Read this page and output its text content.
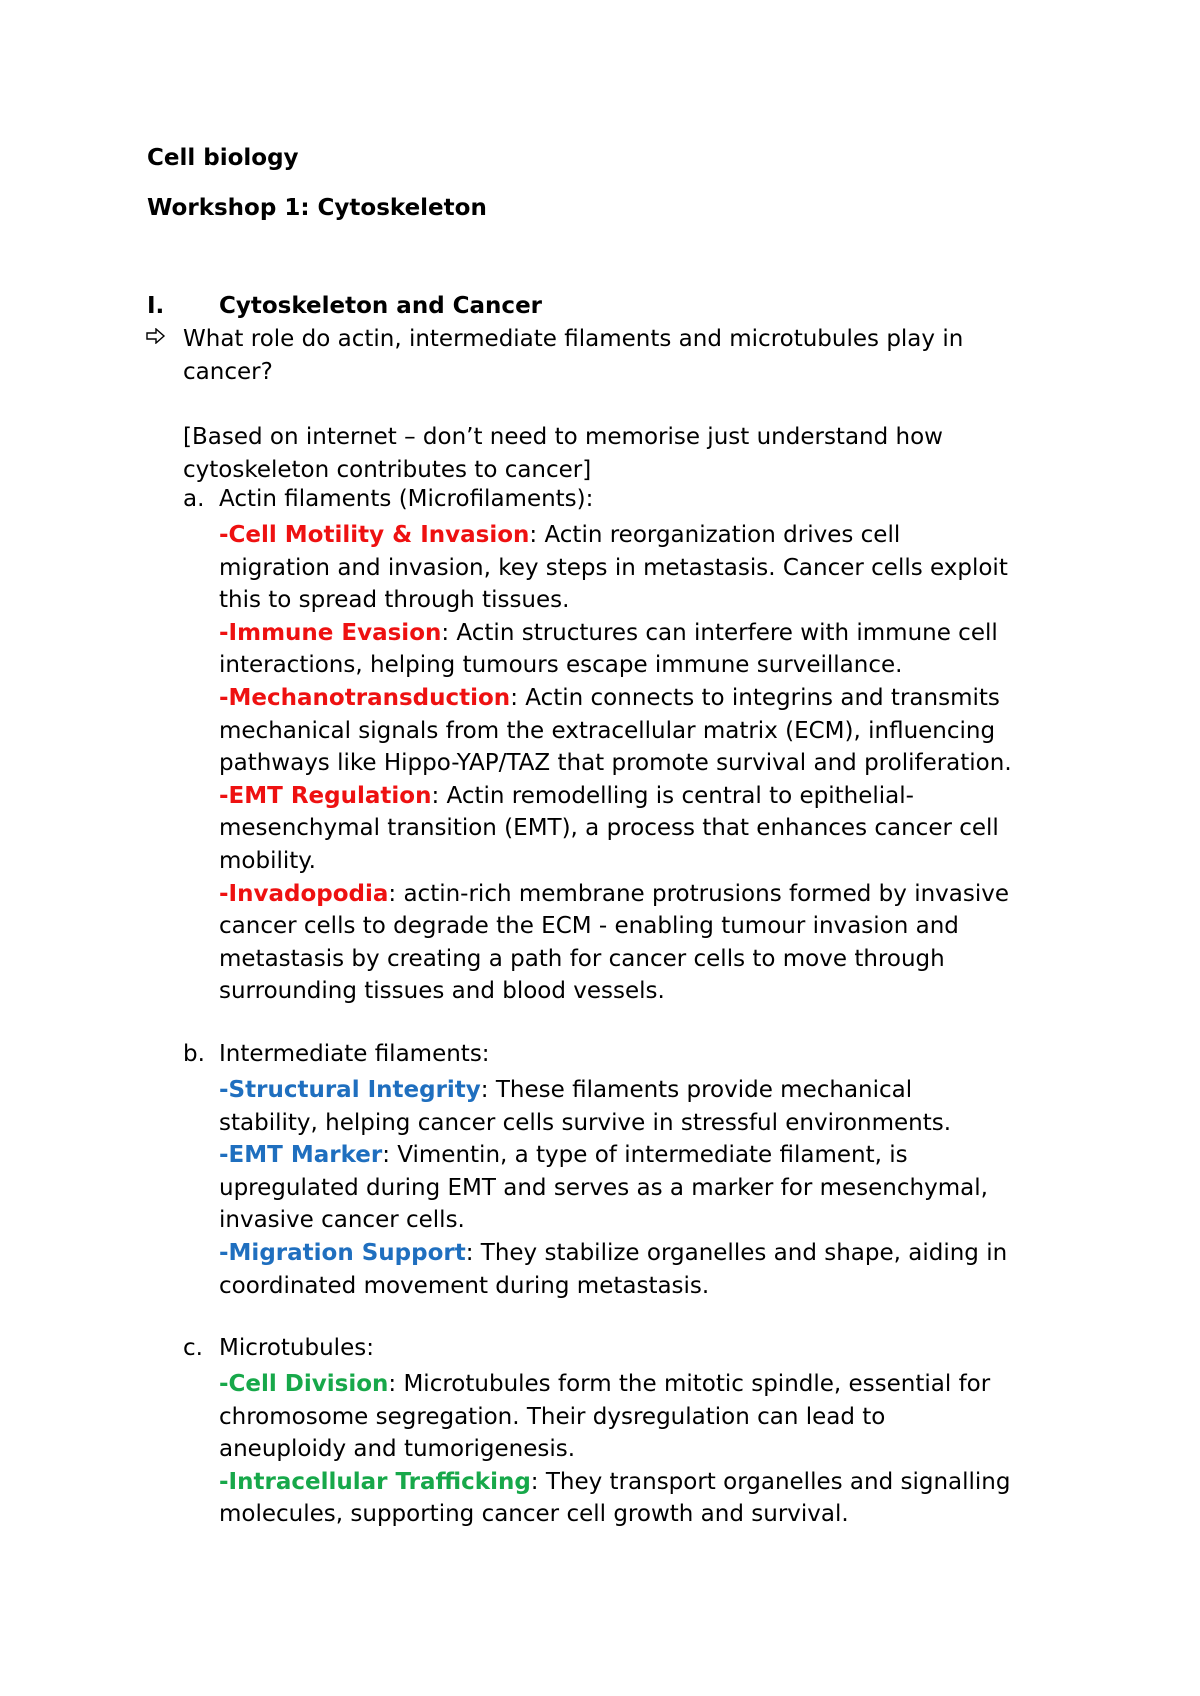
Cell biology
Workshop 1: Cytoskeleton
I. Cytoskeleton and Cancer
What role do actin, intermediate filaments and microtubules play in
cancer?
[Based on internet – don’t need to memorise just understand how
cytoskeleton contributes to cancer]
a. Actin filaments (Microfilaments):
-Cell Motility & Invasion: Actin reorganization drives cell
migration and invasion, key steps in metastasis. Cancer cells exploit
this to spread through tissues.
-Immune Evasion: Actin structures can interfere with immune cell
interactions, helping tumours escape immune surveillance.
-Mechanotransduction: Actin connects to integrins and transmits
mechanical signals from the extracellular matrix (ECM), influencing
pathways like Hippo-YAP/TAZ that promote survival and proliferation.
-EMT Regulation: Actin remodelling is central to epithelial-
mesenchymal transition (EMT), a process that enhances cancer cell
mobility.
-Invadopodia: actin-rich membrane protrusions formed by invasive
cancer cells to degrade the ECM - enabling tumour invasion and
metastasis by creating a path for cancer cells to move through
surrounding tissues and blood vessels.
b. Intermediate filaments:
-Structural Integrity: These filaments provide mechanical
stability, helping cancer cells survive in stressful environments.
-EMT Marker: Vimentin, a type of intermediate filament, is
upregulated during EMT and serves as a marker for mesenchymal,
invasive cancer cells.
-Migration Support: They stabilize organelles and shape, aiding in
coordinated movement during metastasis.
c. Microtubules:
-Cell Division: Microtubules form the mitotic spindle, essential for
chromosome segregation. Their dysregulation can lead to
aneuploidy and tumorigenesis.
-Intracellular Trafficking: They transport organelles and signalling
molecules, supporting cancer cell growth and survival.
